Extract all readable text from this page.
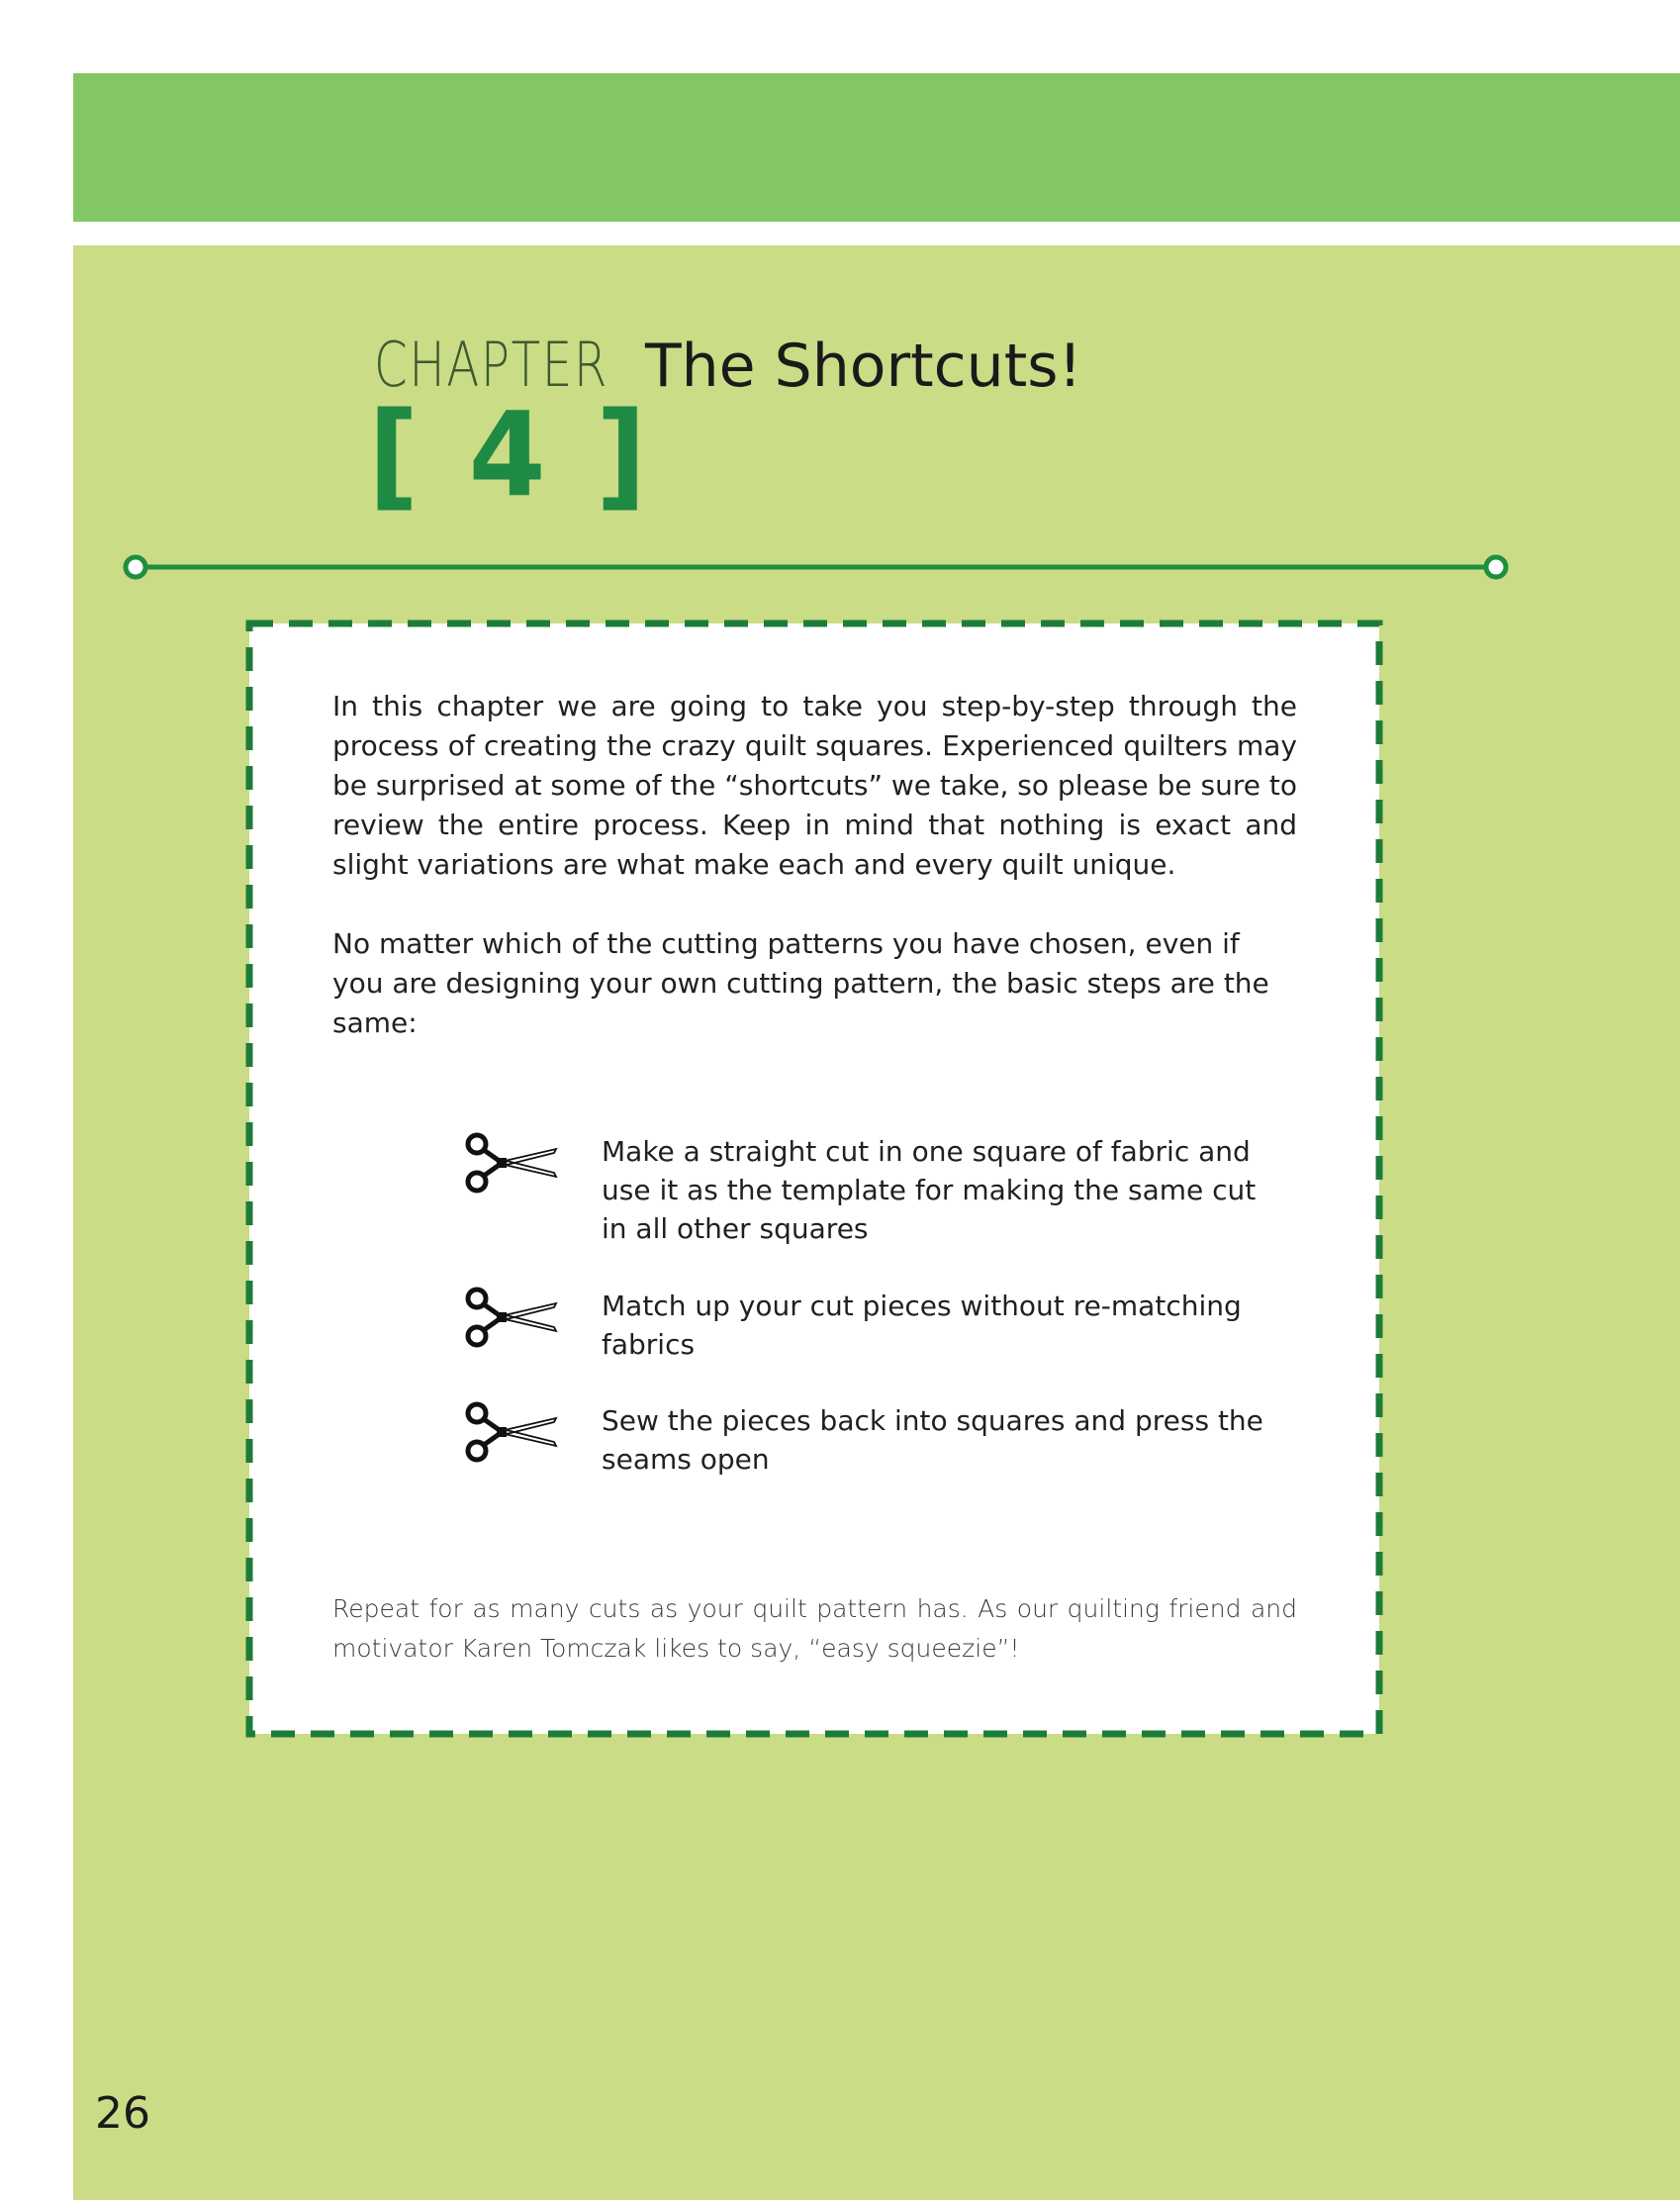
CHAPTER
[ 4 ]
The Shortcuts!

In this chapter we are going to take you step-by-step through the process of creating the crazy quilt squares. Experienced quilters may be surprised at some of the “shortcuts” we take, so please be sure to review the entire process. Keep in mind that nothing is exact and slight variations are what make each and every quilt unique.

No matter which of the cutting patterns you have chosen, even if you are designing your own cutting pattern, the basic steps are the same:

Make a straight cut in one square of fabric and use it as the template for making the same cut in all other squares

Match up your cut pieces without re-matching fabrics

Sew the pieces back into squares and press the seams open

Repeat for as many cuts as your quilt pattern has. As our quilting friend and motivator Karen Tomczak likes to say, “easy squeezie”!

26
